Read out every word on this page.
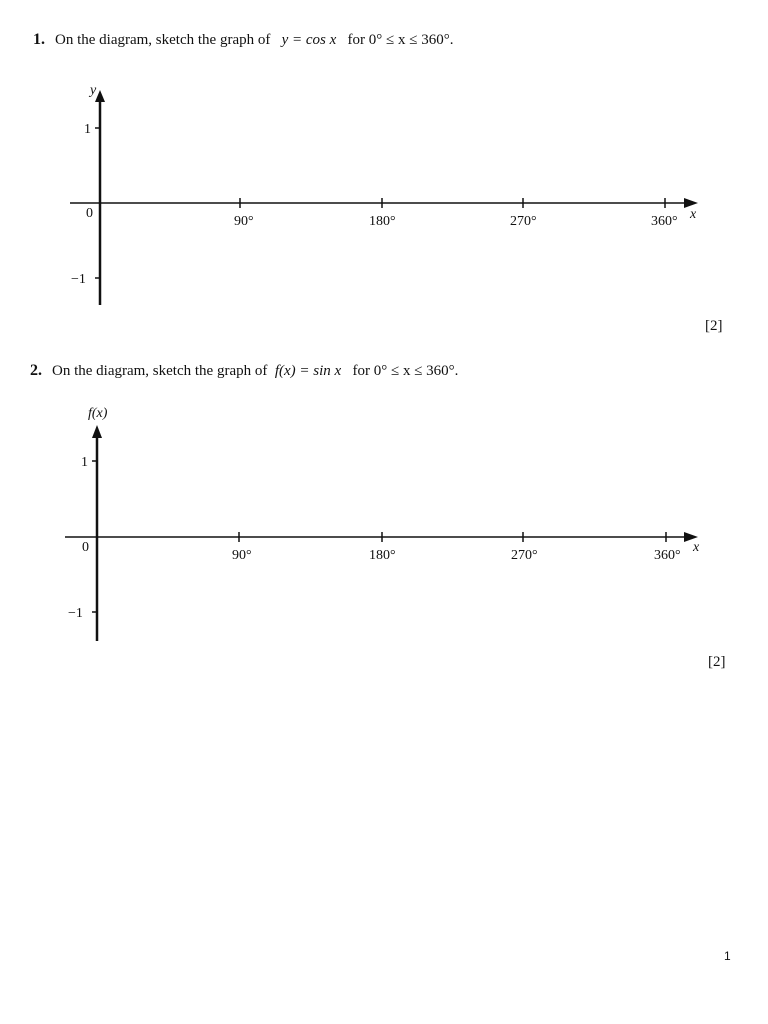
1. On the diagram, sketch the graph of y = cos x for 0° ≤ x ≤ 360°.
y
x
0
1
−1
90°	180°	270°	360°
[2]
2. On the diagram, sketch the graph of f(x) = sin x for 0° ≤ x ≤ 360°.
f(x)
x
0
1
−1
90°	180°	270°	360°
[2]
1
